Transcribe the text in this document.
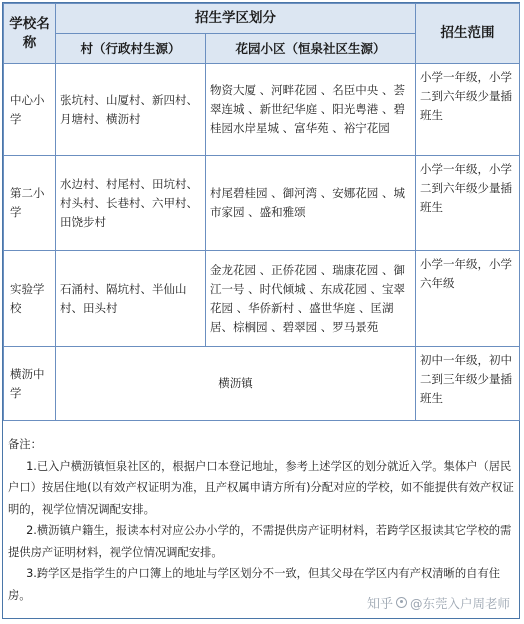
学校名称	招生学区划分		招生范围
	村（行政村生源）	花园小区（恒泉社区生源）	
中心小学	张坑村、山厦村、新四村、月塘村、横沥村	物资大厦 、河畔花园 、名臣中央 、荟翠连城 、新世纪华庭 、阳光粤港 、碧桂园水岸星城 、富华苑 、裕宁花园	小学一年级，小学二到六年级少量插班生
第二小学	水边村、村尾村、田坑村、村头村、长巷村、六甲村、田饶步村	村尾碧桂园 、御河湾 、安娜花园 、城市家园 、盛和雅颂	小学一年级，小学二到六年级少量插班生
实验学校	石涌村、隔坑村、半仙山村、田头村	金龙花园 、正侨花园 、瑞康花园 、御江一号 、时代倾城 、东成花园 、宝翠花园 、华侨新村 、盛世华庭 、匡湖居、棕榈园 、碧翠园 、罗马景苑	小学一年级，小学六年级
横沥中学	横沥镇		初中一年级，初中二到三年级少量插班生

备注：

1.已入户横沥镇恒泉社区的，根据户口本登记地址，参考上述学区的划分就近入学。集体户（居民户口）按居住地(以有效产权证明为准，且产权属申请方所有)分配对应的学校，如不能提供有效产权证明的，视学位情况调配安排。

2.横沥镇户籍生，报读本村对应公办小学的，不需提供房产证明材料，若跨学区报读其它学校的需提供房产证明材料，视学位情况调配安排。

3.跨学区是指学生的户口簿上的地址与学区划分不一致，但其父母在学区内有产权清晰的自有住房。

知乎 @东莞入户周老师
